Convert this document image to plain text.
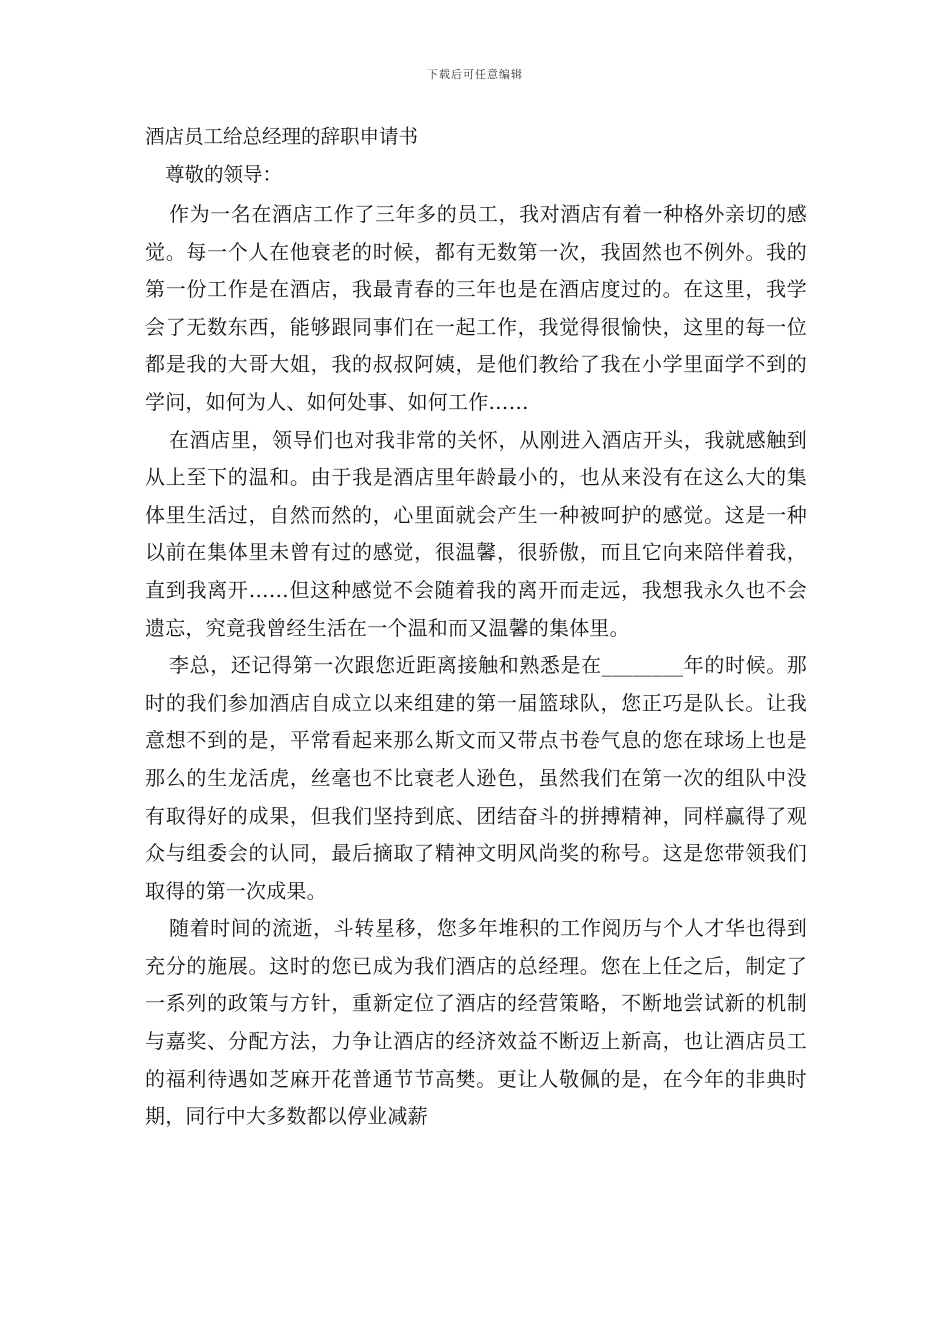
下载后可任意编辑
酒店员工给总经理的辞职申请书

尊敬的领导：

作为一名在酒店工作了三年多的员工，我对酒店有着一种格外亲切的感觉。每一个人在他衰老的时候，都有无数第一次，我固然也不例外。我的第一份工作是在酒店，我最青春的三年也是在酒店度过的。在这里，我学会了无数东西，能够跟同事们在一起工作，我觉得很愉快，这里的每一位都是我的大哥大姐，我的叔叔阿姨，是他们教给了我在小学里面学不到的学问，如何为人、如何处事、如何工作……

在酒店里，领导们也对我非常的关怀，从刚进入酒店开头，我就感触到从上至下的温和。由于我是酒店里年龄最小的，也从来没有在这么大的集体里生活过，自然而然的，心里面就会产生一种被呵护的感觉。这是一种以前在集体里未曾有过的感觉，很温馨，很骄傲，而且它向来陪伴着我，直到我离开……但这种感觉不会随着我的离开而走远，我想我永久也不会遗忘，究竟我曾经生活在一个温和而又温馨的集体里。

李总，还记得第一次跟您近距离接触和熟悉是在________年的时候。那时的我们参加酒店自成立以来组建的第一届篮球队，您正巧是队长。让我意想不到的是，平常看起来那么斯文而又带点书卷气息的您在球场上也是那么的生龙活虎，丝毫也不比衰老人逊色，虽然我们在第一次的组队中没有取得好的成果，但我们坚持到底、团结奋斗的拼搏精神，同样赢得了观众与组委会的认同，最后摘取了精神文明风尚奖的称号。这是您带领我们取得的第一次成果。

随着时间的流逝，斗转星移，您多年堆积的工作阅历与个人才华也得到充分的施展。这时的您已成为我们酒店的总经理。您在上任之后，制定了一系列的政策与方针，重新定位了酒店的经营策略，不断地尝试新的机制与嘉奖、分配方法，力争让酒店的经济效益不断迈上新高，也让酒店员工的福利待遇如芝麻开花普通节节高樊。更让人敬佩的是，在今年的非典时期，同行中大多数都以停业减薪
